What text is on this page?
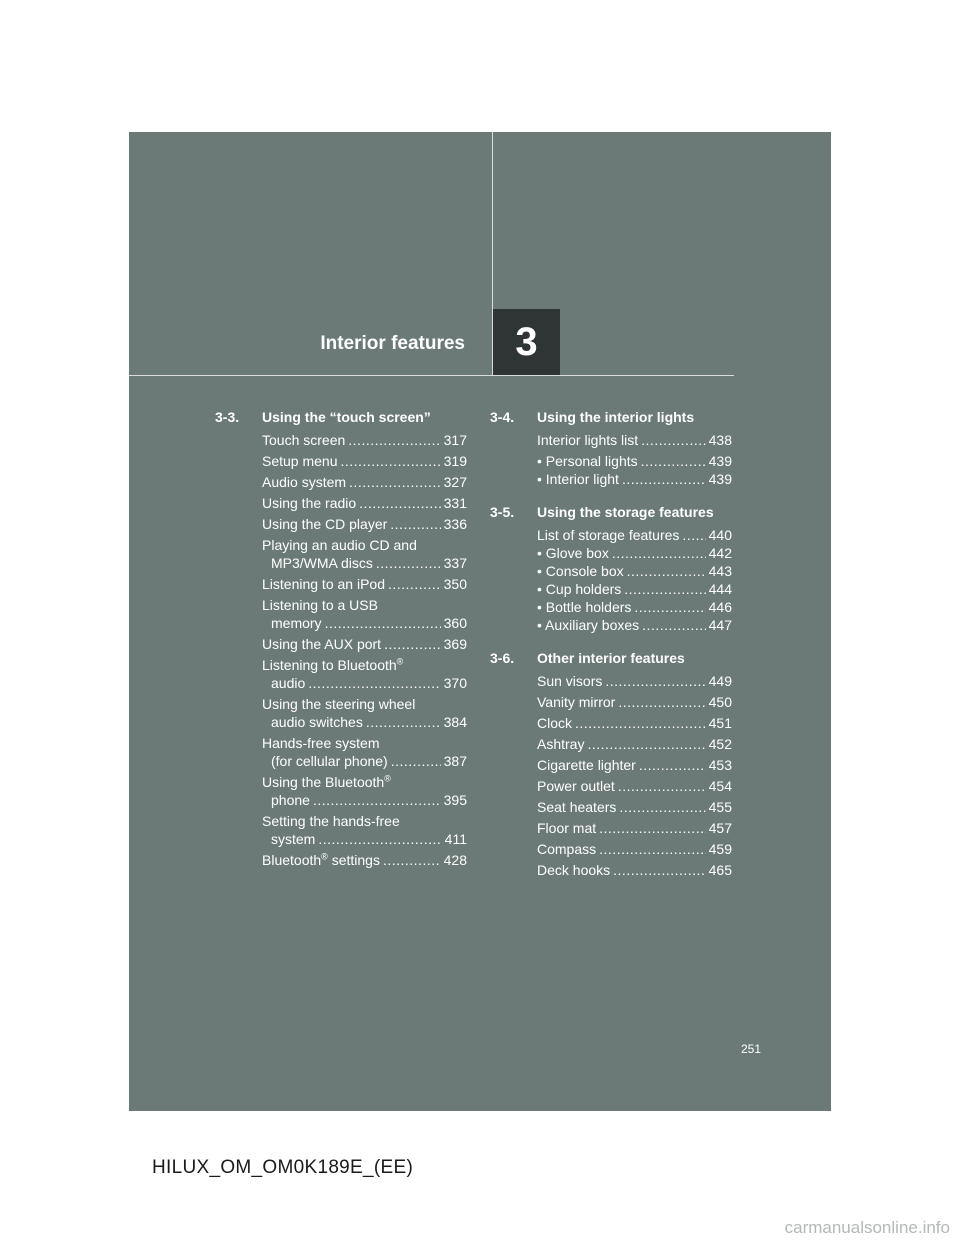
3
Interior features
3-3.	Using the “touch screen”
Touch screen .....	317
Setup menu .....	319
Audio system .....	327
Using the radio .....	331
Using the CD player .....	336
Playing an audio CD and
MP3/WMA discs .....	337
Listening to an iPod .....	350
Listening to a USB
memory .....	360
Using the AUX port .....	369
Listening to Bluetooth®
audio .....	370
Using the steering wheel
audio switches .....	384
Hands-free system
(for cellular phone) .....	387
Using the Bluetooth®
phone .....	395
Setting the hands-free
system .....	411
Bluetooth® settings .....	428
3-4.	Using the interior lights
Interior lights list .....	438
• Personal lights .....	439
• Interior light .....	439
3-5.	Using the storage features
List of storage features ..... 440
• Glove box .....	442
• Console box .....	443
• Cup holders .....	444
• Bottle holders .....	446
• Auxiliary boxes .....	447
3-6.	Other interior features
Sun visors .....	449
Vanity mirror .....	450
Clock .....	451
Ashtray .....	452
Cigarette lighter .....	453
Power outlet .....	454
Seat heaters .....	455
Floor mat .....	457
Compass .....	459
Deck hooks .....	465
251
HILUX_OM_OM0K189E_(EE)
carmanualsonline.info
